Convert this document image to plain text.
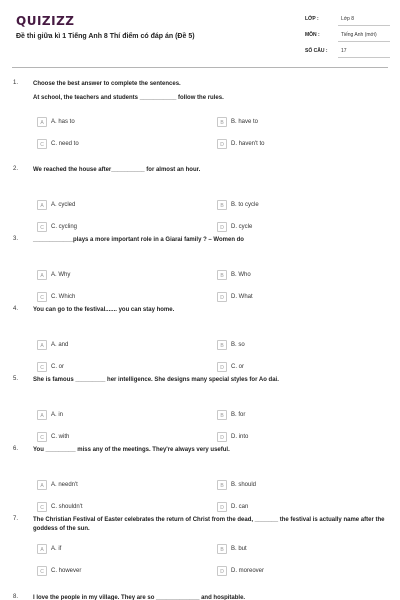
QUIZIZZ
Đề thi giữa kì 1 Tiếng Anh 8 Thí điểm có đáp án (Đề 5)
LỚP :	Lớp 8
MÔN :	Tiếng Anh (mới)
SỐ CÂU :	17
1. Choose the best answer to complete the sentences.
At school, the teachers and students ___________ follow the rules.
A	A. has to	B	B. have to
C	C. need to	D	D. haven't to
2. We reached the house after__________ for almost an hour.
A	A. cycled	B	B. to cycle
C	C. cycling	D	D. cycle
3. ____________plays a more important role in a Giarai family ? – Women do
A	A. Why	B	B. Who
C	C. Which	D	D. What
4. You can go to the festival....... you can stay home.
A	A. and	B	B. so
C	C. or	D	C. or
5. She is famous _________ her intelligence. She designs many special styles for Ao dai.
A	A. in	B	B. for
C	C. with	D	D. into
6. You _________ miss any of the meetings. They're always very useful.
A	A. needn't	B	B. should
C	C. shouldn't	D	D. can
7. The Christian Festival of Easter celebrates the return of Christ from the dead, _______ the festival is actually name after the goddess of the sun.
A	A. if	B	B. but
C	C. however	D	D. moreover
8. I love the people in my village. They are so _____________ and hospitable.
